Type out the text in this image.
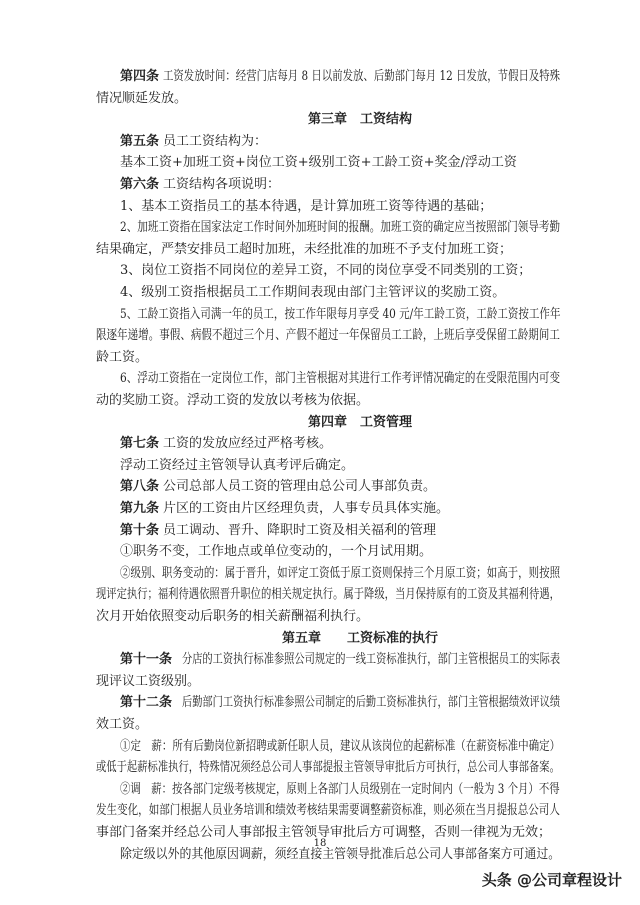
第四条 工资发放时间：经营门店每月 8 日以前发放、后勤部门每月 12 日发放，节假日及特殊
情况顺延发放。
第三章　工资结构
第五条 员工工资结构为：
基本工资+加班工资+岗位工资+级别工资+工龄工资+奖金/浮动工资
第六条 工资结构各项说明：
1、基本工资指员工的基本待遇，是计算加班工资等待遇的基础；
2、加班工资指在国家法定工作时间外加班时间的报酬。加班工资的确定应当按照部门领导考勤
结果确定，严禁安排员工超时加班，未经批准的加班不予支付加班工资；
3、岗位工资指不同岗位的差异工资，不同的岗位享受不同类别的工资；
4、级别工资指根据员工工作期间表现由部门主管评议的奖励工资。
5、工龄工资指入司满一年的员工，按工作年限每月享受 40 元/年工龄工资，工龄工资按工作年
限逐年递增。事假、病假不超过三个月、产假不超过一年保留员工工龄，上班后享受保留工龄期间工
龄工资。
6、浮动工资指在一定岗位工作，部门主管根据对其进行工作考评情况确定的在受限范围内可变
动的奖励工资。浮动工资的发放以考核为依据。
第四章　工资管理
第七条 工资的发放应经过严格考核。
浮动工资经过主管领导认真考评后确定。
第八条 公司总部人员工资的管理由总公司人事部负责。
第九条 片区的工资由片区经理负责，人事专员具体实施。
第十条 员工调动、晋升、降职时工资及相关福利的管理
①职务不变，工作地点或单位变动的，一个月试用期。
②级别、职务变动的：属于晋升，如评定工资低于原工资则保持三个月原工资；如高于，则按照
现评定执行；福利待遇依照晋升职位的相关规定执行。属于降级，当月保持原有的工资及其福利待遇，
次月开始依照变动后职务的相关薪酬福利执行。
第五章　　工资标准的执行
第十一条 分店的工资执行标准参照公司规定的一线工资标准执行，部门主管根据员工的实际表
现评议工资级别。
第十二条 后勤部门工资执行标准参照公司制定的后勤工资标准执行，部门主管根据绩效评议绩
效工资。
①定　薪：所有后勤岗位新招聘或新任职人员，建议从该岗位的起薪标准（在薪资标准中确定）
或低于起薪标准执行，特殊情况须经总公司人事部提报主管领导审批后方可执行，总公司人事部备案。
②调　薪：按各部门定级考核规定，原则上各部门人员级别在一定时间内（一般为 3 个月）不得
发生变化，如部门根据人员业务培训和绩效考核结果需要调整薪资标准，则必须在当月提报总公司人
事部门备案并经总公司人事部报主管领导审批后方可调整，否则一律视为无效；
除定级以外的其他原因调薪，须经直接主管领导批准后总公司人事部备案方可通过。
18
头条 @公司章程设计
